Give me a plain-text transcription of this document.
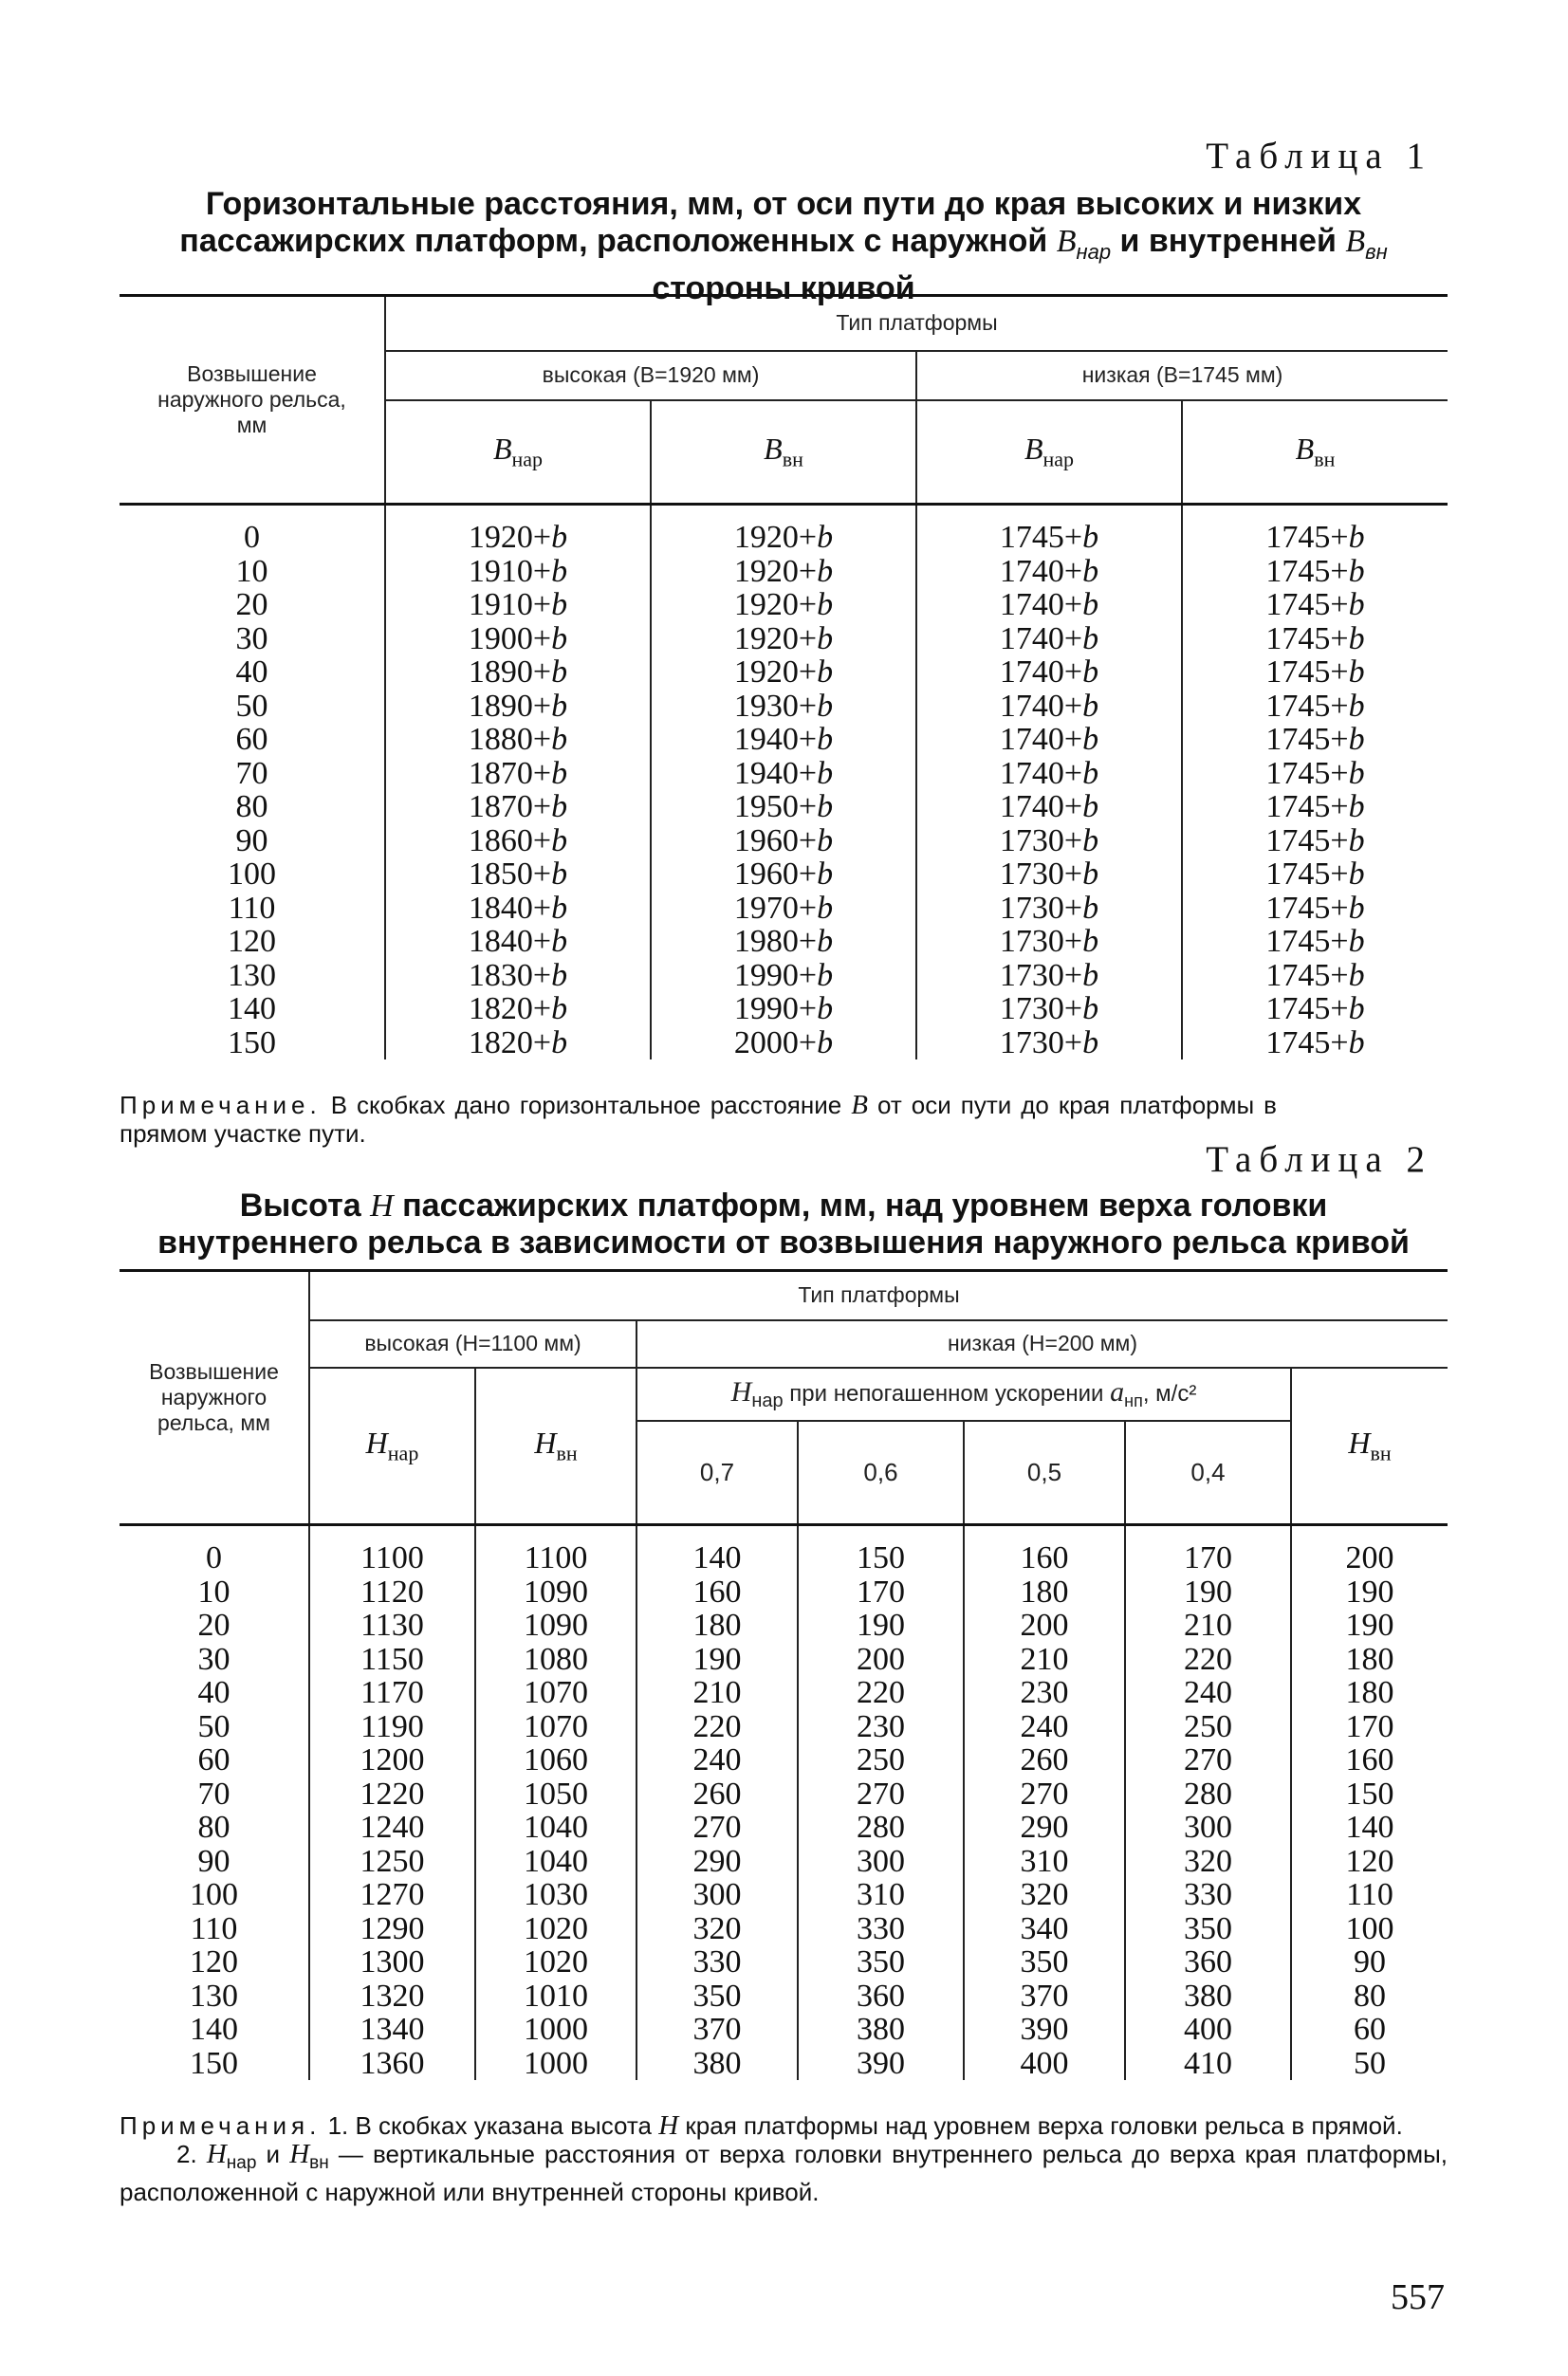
Таблица 1
Горизонтальные расстояния, мм, от оси пути до края высоких и низких
пассажирских платформ, расположенных с наружной $B_{нар}$ и внутренней $B_{вн}$
стороны кривой
Возвышение наружного рельса, мм	Тип платформы			
	высокая (B=1920 мм)		низкая (B=1745 мм)	
	$B_{нар}$	$B_{вн}$	$B_{нар}$	$B_{вн}$
0	1920+b	1920+b	1745+b	1745+b
10	1910+b	1920+b	1740+b	1745+b
20	1910+b	1920+b	1740+b	1745+b
30	1900+b	1920+b	1740+b	1745+b
40	1890+b	1920+b	1740+b	1745+b
50	1890+b	1930+b	1740+b	1745+b
60	1880+b	1940+b	1740+b	1745+b
70	1870+b	1940+b	1740+b	1745+b
80	1870+b	1950+b	1740+b	1745+b
90	1860+b	1960+b	1730+b	1745+b
100	1850+b	1960+b	1730+b	1745+b
110	1840+b	1970+b	1730+b	1745+b
120	1840+b	1980+b	1730+b	1745+b
130	1830+b	1990+b	1730+b	1745+b
140	1820+b	1990+b	1730+b	1745+b
150	1820+b	2000+b	1730+b	1745+b
Примечание. В скобках дано горизонтальное расстояние B от оси пути до края платформы в прямом участке пути.
Таблица 2
Высота H пассажирских платформ, мм, над уровнем верха головки
внутреннего рельса в зависимости от возвышения наружного рельса кривой
Возвышение наружного рельса, мм	Тип платформы						
	высокая (H=1100 мм)		низкая (H=200 мм)				
	$H_{нар}$	$H_{вн}$	$H_{нар}$ при непогашенном ускорении $a_{нп}$, м/с²				$H_{вн}$
			0,7	0,6	0,5	0,4	
0	1100	1100	140	150	160	170	200
10	1120	1090	160	170	180	190	190
20	1130	1090	180	190	200	210	190
30	1150	1080	190	200	210	220	180
40	1170	1070	210	220	230	240	180
50	1190	1070	220	230	240	250	170
60	1200	1060	240	250	260	270	160
70	1220	1050	260	270	270	280	150
80	1240	1040	270	280	290	300	140
90	1250	1040	290	300	310	320	120
100	1270	1030	300	310	320	330	110
110	1290	1020	320	330	340	350	100
120	1300	1020	330	350	350	360	90
130	1320	1010	350	360	370	380	80
140	1340	1000	370	380	390	400	60
150	1360	1000	380	390	400	410	50
Примечания. 1. В скобках указана высота H края платформы над уровнем верха головки рельса в прямой.
2. $H_{нар}$ и $H_{вн}$ — вертикальные расстояния от верха головки внутреннего рельса до верха края платформы, расположенной с наружной или внутренней стороны кривой.
557
